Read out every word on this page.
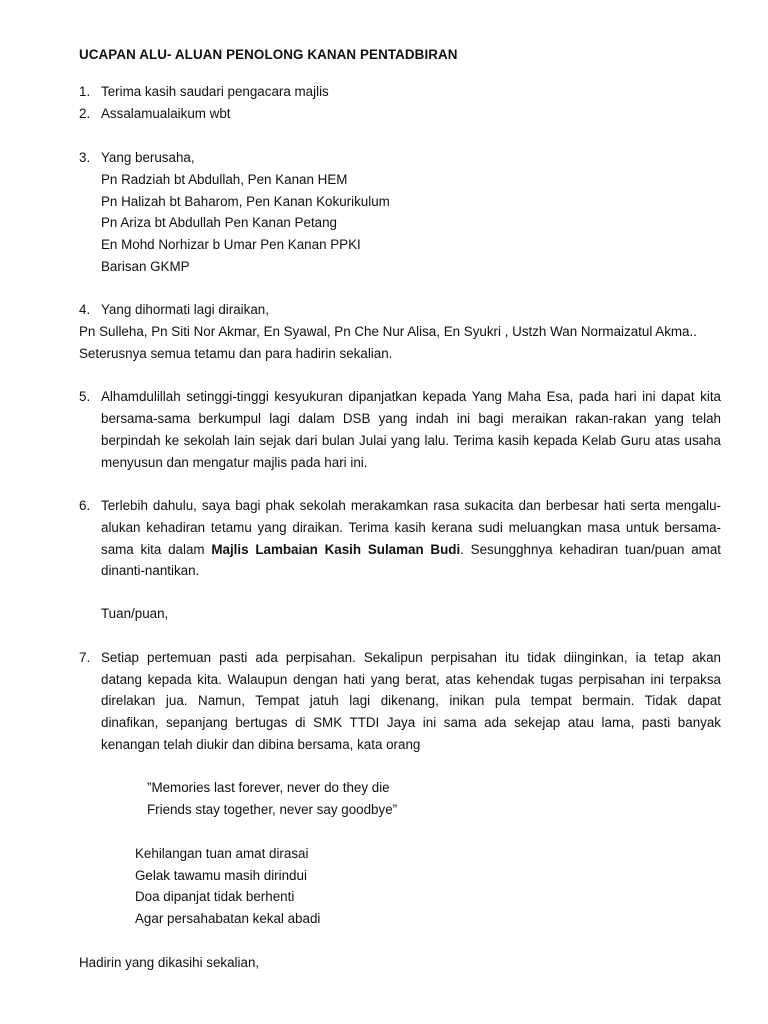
UCAPAN ALU- ALUAN PENOLONG KANAN PENTADBIRAN
1. Terima kasih saudari pengacara majlis
2. Assalamualaikum wbt
3. Yang berusaha,
Pn Radziah bt Abdullah, Pen Kanan HEM
Pn Halizah bt Baharom, Pen Kanan Kokurikulum
Pn Ariza bt Abdullah Pen Kanan Petang
En Mohd Norhizar b Umar Pen Kanan PPKI
Barisan GKMP
4. Yang dihormati lagi diraikan,
Pn Sulleha, Pn Siti Nor Akmar, En Syawal, Pn Che Nur Alisa, En Syukri , Ustzh Wan Normaizatul Akma..
Seterusnya semua tetamu dan para hadirin sekalian.
5. Alhamdulillah setinggi-tinggi kesyukuran dipanjatkan kepada Yang Maha Esa, pada hari ini dapat kita
bersama-sama berkumpul lagi dalam DSB yang indah ini bagi meraikan rakan-rakan yang telah
berpindah ke sekolah lain sejak dari bulan Julai yang lalu. Terima kasih kepada Kelab Guru atas usaha
menyusun dan mengatur majlis pada hari ini.
6. Terlebih dahulu, saya bagi phak sekolah merakamkan rasa sukacita dan berbesar hati serta mengalu-
alukan kehadiran tetamu yang diraikan. Terima kasih kerana sudi meluangkan masa untuk bersama-
sama kita dalam Majlis Lambaian Kasih Sulaman Budi. Sesungghnya kehadiran tuan/puan amat
dinanti-nantikan.
Tuan/puan,
7. Setiap pertemuan pasti ada perpisahan. Sekalipun perpisahan itu tidak diinginkan, ia tetap akan
datang kepada kita. Walaupun dengan hati yang berat, atas kehendak tugas perpisahan ini terpaksa
direlakan jua. Namun, Tempat jatuh lagi dikenang, inikan pula tempat bermain. Tidak dapat
dinafikan, sepanjang bertugas di SMK TTDI Jaya ini sama ada sekejap atau lama, pasti banyak
kenangan telah diukir dan dibina bersama, kata orang
”Memories last forever, never do they die
Friends stay together, never say goodbye”
Kehilangan tuan amat dirasai
Gelak tawamu masih dirindui
Doa dipanjat tidak berhenti
Agar persahabatan kekal abadi
Hadirin yang dikasihi sekalian,
